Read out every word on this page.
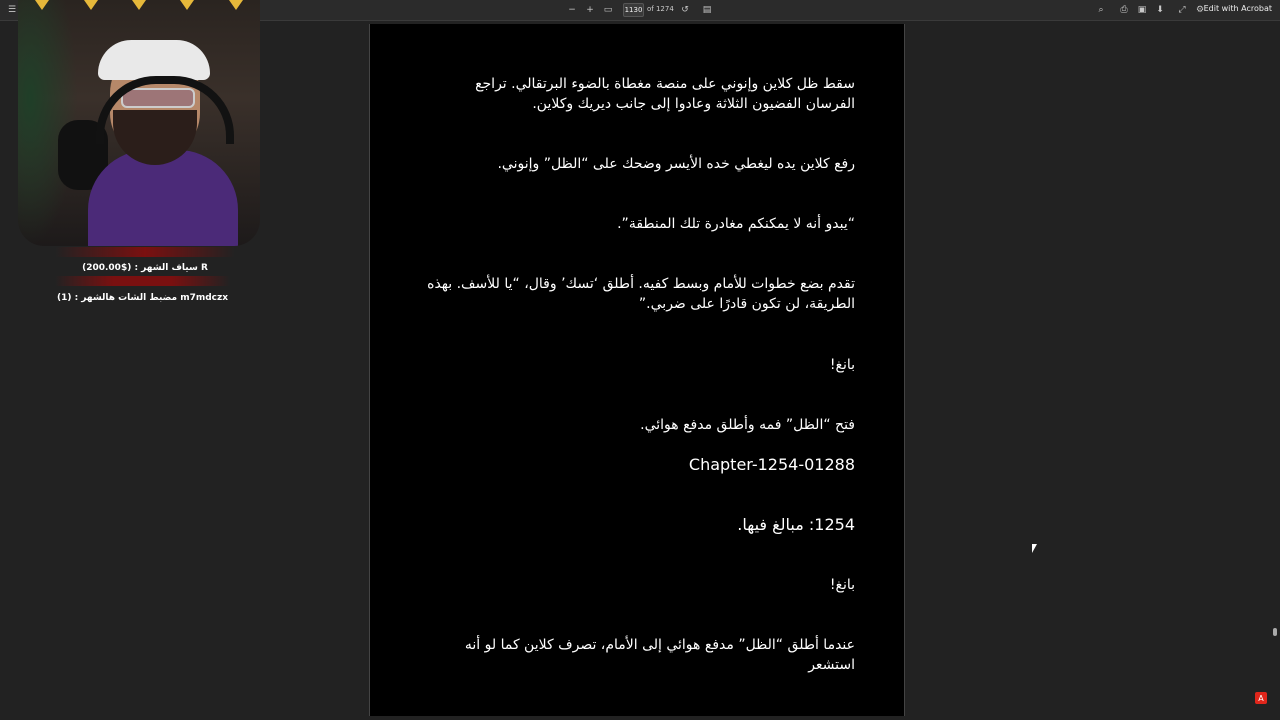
☰	− +	▭
1130	of 1274 ↺	▤	⌕	⎙	▣	⬇	⤢	⚙ Edit with Acrobat
سياف الشهر : ($200.00) R
مضبط الشات هالشهر : (1) m7mdczx
سقط ظل كلاين وإنوني على منصة مغطاة بالضوء البرتقالي. تراجع الفرسان الفضيون الثلاثة وعادوا إلى جانب ديريك وكلاين.
رفع كلاين يده ليغطي خده الأيسر وضحك على “الظل” وإنوني.
“يبدو أنه لا يمكنكم مغادرة تلك المنطقة”.
تقدم بضع خطوات للأمام وبسط كفيه. أطلق ‘تسك’ وقال، “يا للأسف. بهذه الطريقة، لن تكون قادرًا على ضربي.”
بانغ!
فتح “الظل” فمه وأطلق مدفع هوائي.
Chapter-1254-01288
1254: مبالغ فيها.
بانغ!
عندما أطلق “الظل” مدفع هوائي إلى الأمام، تصرف كلاين كما لو أنه استشعر
A
